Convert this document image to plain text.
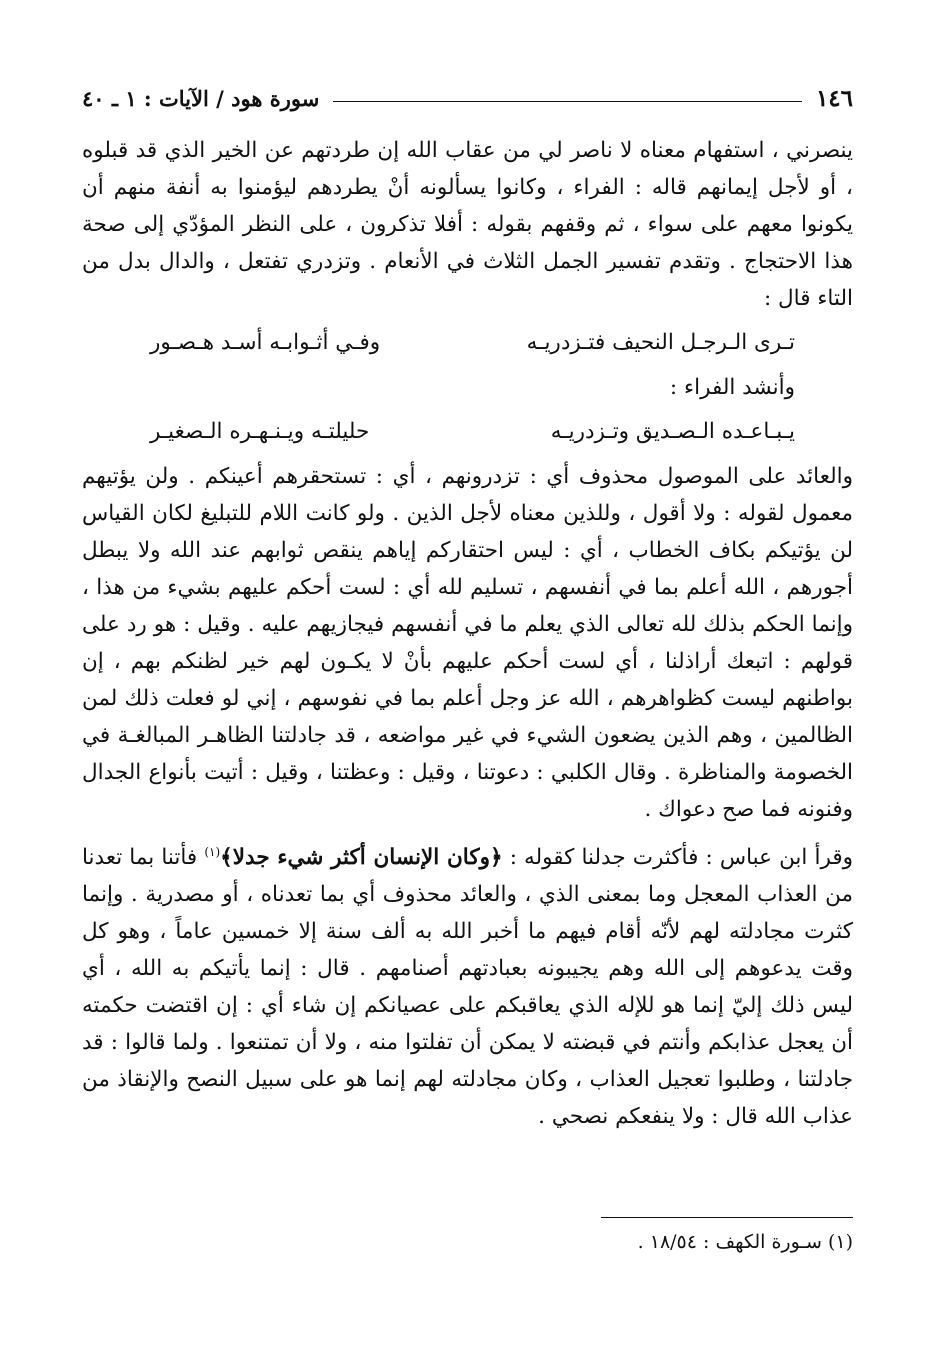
١٤٦
سورة هود / الآيات : ١ ـ ٤٠

ينصرني ، استفهام معناه لا ناصر لي من عقاب الله إن طردتهم عن الخير الذي قد قبلوه ، أو لأجل إيمانهم قاله : الفراء ، وكانوا يسألونه أنْ يطردهم ليؤمنوا به أنفة منهم أن يكونوا معهم على سواء ، ثم وقفهم بقوله : أفلا تذكرون ، على النظر المؤدّي إلى صحة هذا الاحتجاج . وتقدم تفسير الجمل الثلاث في الأنعام . وتزدري تفتعل ، والدال بدل من التاء قال :

تـرى الـرجـل النحيف فتـزدريـه
وفـي أثـوابـه أسـد هـصـور

وأنشد الفراء :

يـبـاعـده الـصـديق وتـزدريـه
حليلتـه ويـنـهـره الـصغيـر

والعائد على الموصول محذوف أي : تزدرونهم ، أي : تستحقرهم أعينكم . ولن يؤتيهم معمول لقوله : ولا أقول ، وللذين معناه لأجل الذين . ولو كانت اللام للتبليغ لكان القياس لن يؤتيكم بكاف الخطاب ، أي : ليس احتقاركم إياهم ينقص ثوابهم عند الله ولا يبطل أجورهم ، الله أعلم بما في أنفسهم ، تسليم لله أي : لست أحكم عليهم بشيء من هذا ، وإنما الحكم بذلك لله تعالى الذي يعلم ما في أنفسهم فيجازيهم عليه . وقيل : هو رد على قولهم : اتبعك أراذلنا ، أي لست أحكم عليهم بأنْ لا يكـون لهم خير لظنكم بهم ، إن بواطنهم ليست كظواهرهم ، الله عز وجل أعلم بما في نفوسهم ، إني لو فعلت ذلك لمن الظالمين ، وهم الذين يضعون الشيء في غير مواضعه ، قد جادلتنا الظاهـر المبالغـة في الخصومة والمناظرة . وقال الكلبي : دعوتنا ، وقيل : وعظتنا ، وقيل : أتيت بأنواع الجدال وفنونه فما صح دعواك .

وقرأ ابن عباس : فأكثرت جدلنا كقوله : ﴿وكان الإنسان أكثر شيء جدلا﴾$^{(١)}$ فأتنا بما تعدنا من العذاب المعجل وما بمعنى الذي ، والعائد محذوف أي بما تعدناه ، أو مصدرية . وإنما كثرت مجادلته لهم لأنّه أقام فيهم ما أخبر الله به ألف سنة إلا خمسين عاماً ، وهو كل وقت يدعوهم إلى الله وهم يجيبونه بعبادتهم أصنامهم . قال : إنما يأتيكم به الله ، أي ليس ذلك إليّ إنما هو للإله الذي يعاقبكم على عصيانكم إن شاء أي : إن اقتضت حكمته أن يعجل عذابكم وأنتم في قبضته لا يمكن أن تفلتوا منه ، ولا أن تمتنعوا . ولما قالوا : قد جادلتنا ، وطلبوا تعجيل العذاب ، وكان مجادلته لهم إنما هو على سبيل النصح والإنقاذ من عذاب الله قال : ولا ينفعكم نصحي .

(١) سـورة الكهف : ١٨/٥٤ .
